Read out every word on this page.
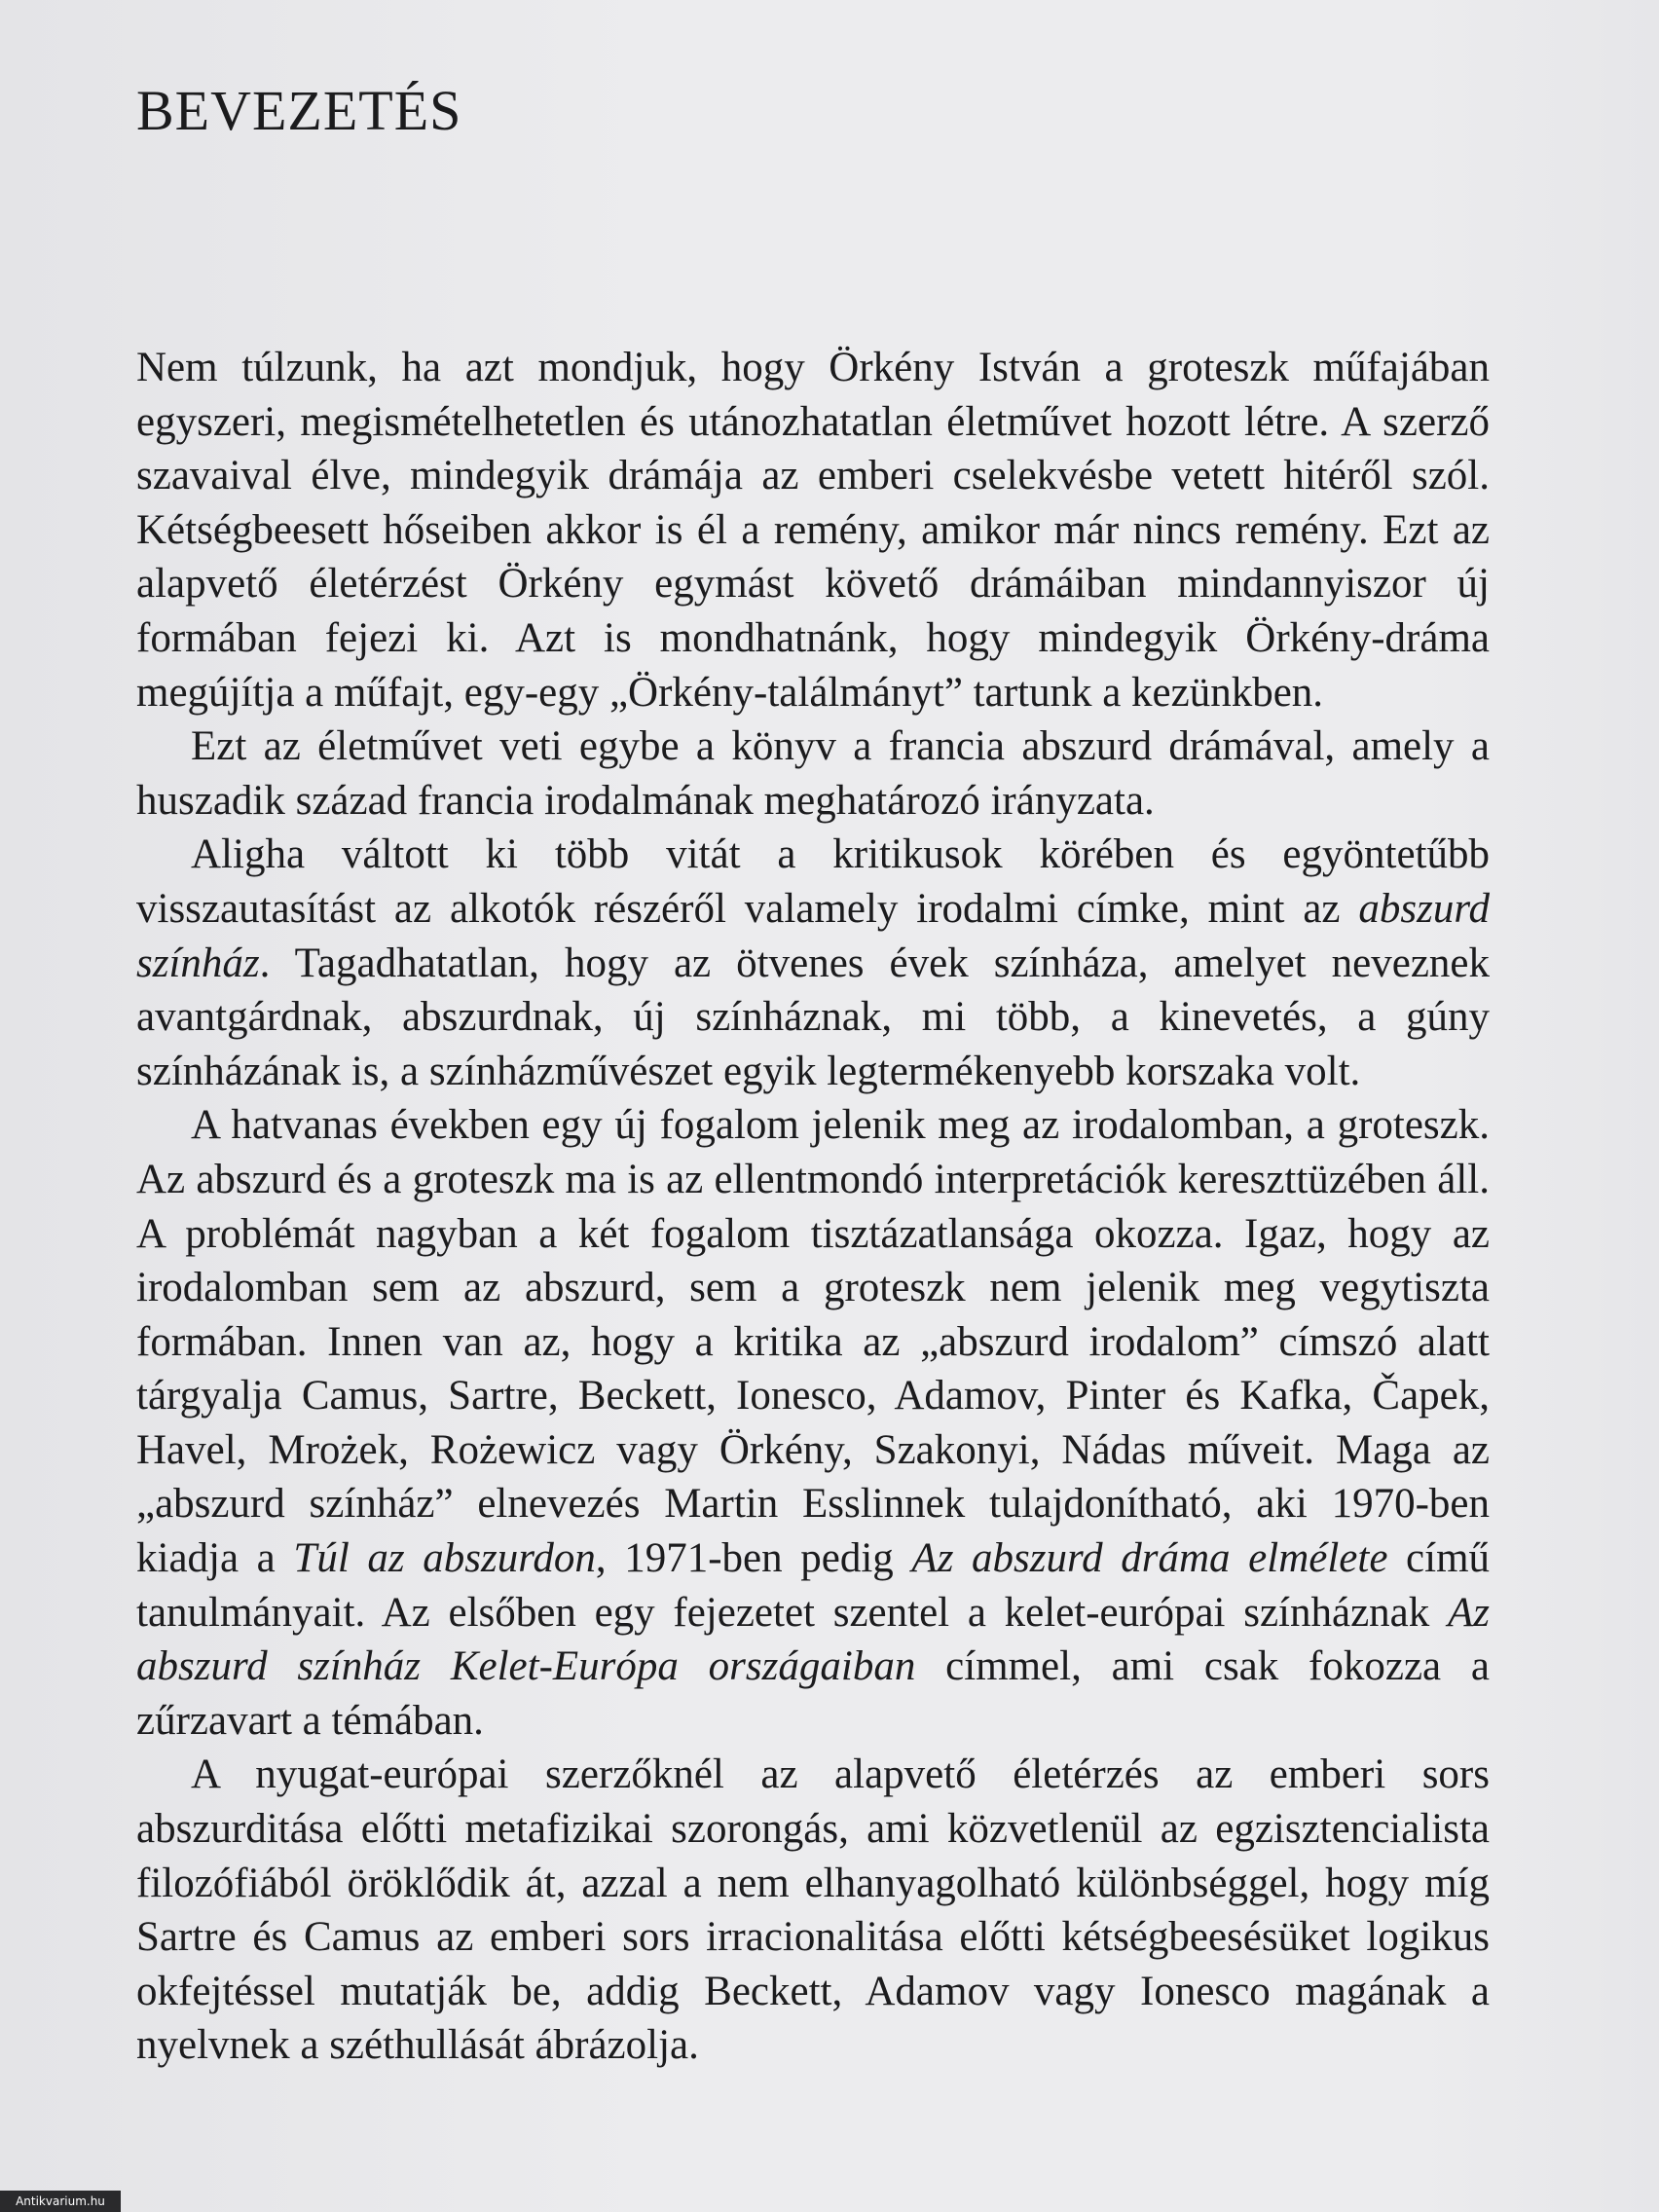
BEVEZETÉS

Nem túlzunk, ha azt mondjuk, hogy Örkény István a groteszk műfajában egyszeri, megismételhetetlen és utánozhatatlan életművet hozott létre. A szerző szavaival élve, mindegyik drámája az emberi cselekvésbe vetett hitéről szól. Kétségbeesett hőseiben akkor is él a remény, amikor már nincs remény. Ezt az alapvető életérzést Örkény egymást követő drámáiban mindannyiszor új formában fejezi ki. Azt is mondhatnánk, hogy mindegyik Örkény-dráma megújítja a műfajt, egy-egy „Örkény-találmányt” tartunk a kezünkben.

Ezt az életművet veti egybe a könyv a francia abszurd drámával, amely a huszadik század francia irodalmának meghatározó irányzata.

Aligha váltott ki több vitát a kritikusok körében és egyöntetűbb visszautasítást az alkotók részéről valamely irodalmi címke, mint az abszurd színház. Tagadhatatlan, hogy az ötvenes évek színháza, amelyet neveznek avantgárdnak, abszurdnak, új színháznak, mi több, a kinevetés, a gúny színházának is, a színházművészet egyik legtermékenyebb korszaka volt.

A hatvanas években egy új fogalom jelenik meg az irodalomban, a groteszk. Az abszurd és a groteszk ma is az ellentmondó interpretációk kereszttüzében áll. A problémát nagyban a két fogalom tisztázatlansága okozza. Igaz, hogy az irodalomban sem az abszurd, sem a groteszk nem jelenik meg vegytiszta formában. Innen van az, hogy a kritika az „abszurd irodalom” címszó alatt tárgyalja Camus, Sartre, Beckett, Ionesco, Adamov, Pinter és Kafka, Čapek, Havel, Mrożek, Rożewicz vagy Örkény, Szakonyi, Nádas műveit. Maga az „abszurd színház” elnevezés Martin Esslinnek tulajdonítható, aki 1970-ben kiadja a Túl az abszurdon, 1971-ben pedig Az abszurd dráma elmélete című tanulmányait. Az elsőben egy fejezetet szentel a kelet-európai színháznak Az abszurd színház Kelet-Európa országaiban címmel, ami csak fokozza a zűrzavart a témában.

A nyugat-európai szerzőknél az alapvető életérzés az emberi sors abszurditása előtti metafizikai szorongás, ami közvetlenül az egzisztencialista filozófiából öröklődik át, azzal a nem elhanyagolható különbséggel, hogy míg Sartre és Camus az emberi sors irracionalitása előtti kétségbeesésüket logikus okfejtéssel mutatják be, addig Beckett, Adamov vagy Ionesco magának a nyelvnek a széthullását ábrázolja.

Antikvarium.hu
